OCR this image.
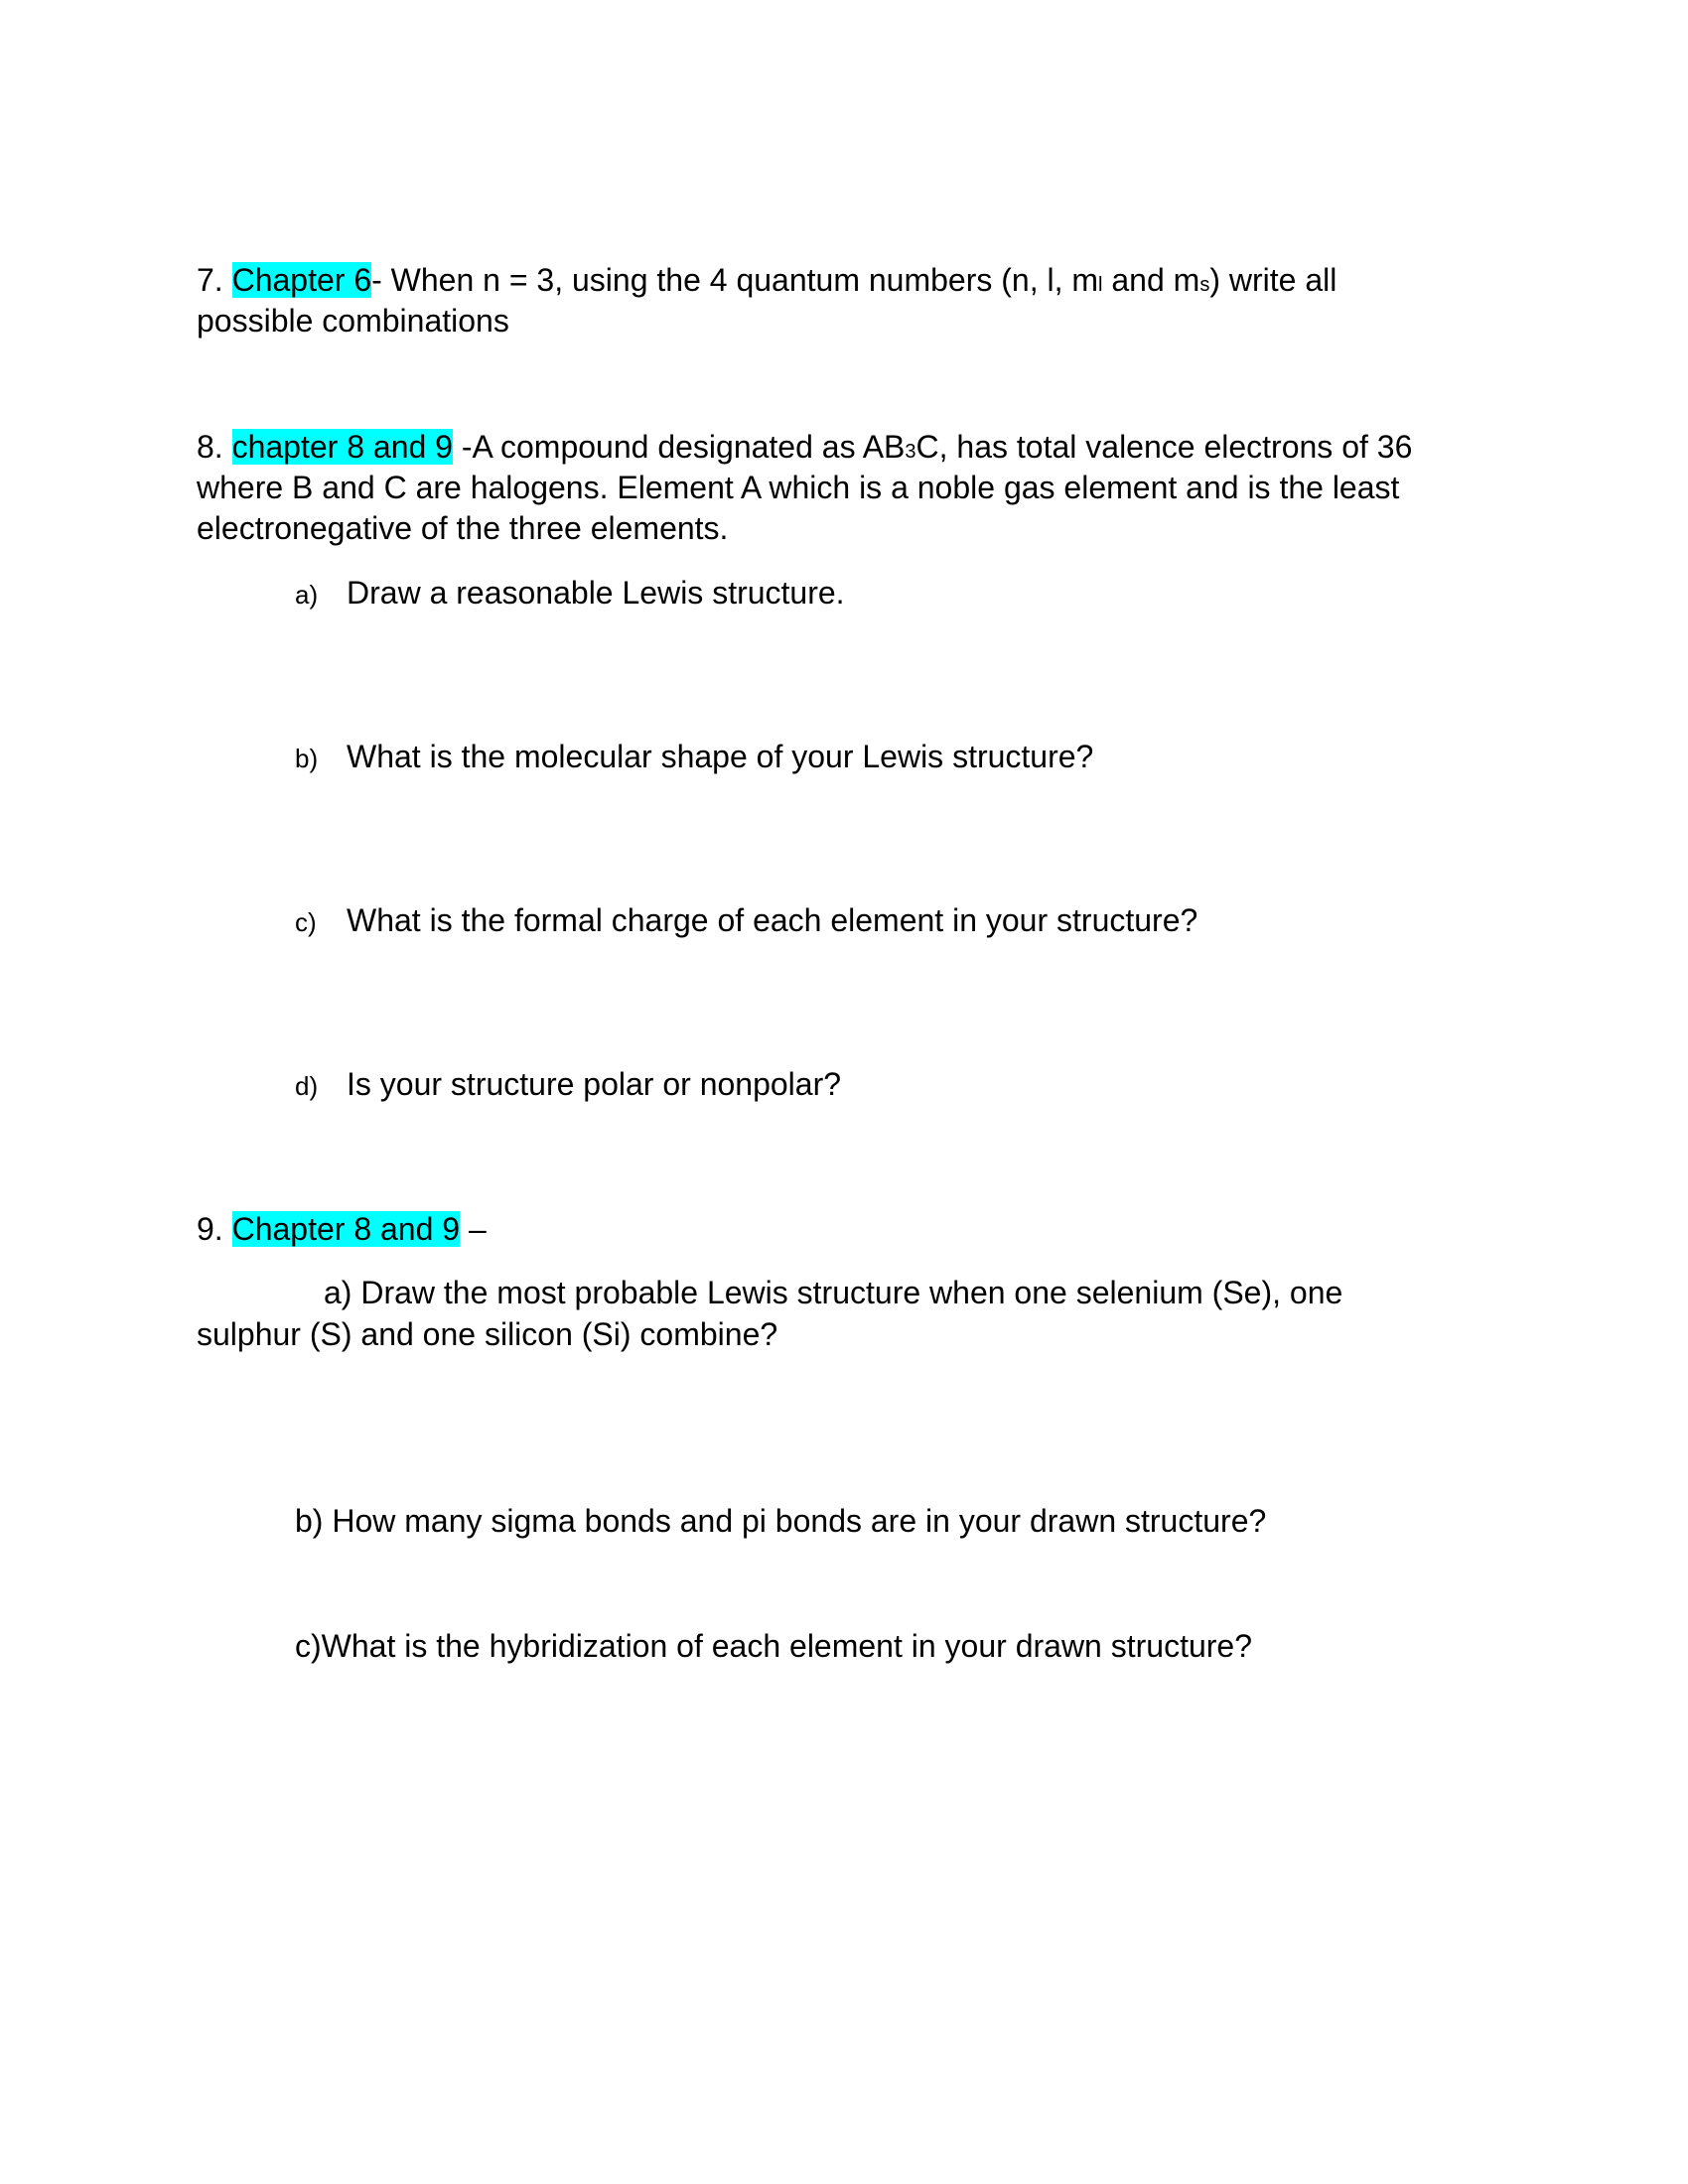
7. Chapter 6- When n = 3, using the 4 quantum numbers (n, l, ml and ms) write all

possible combinations

8. chapter 8 and 9 -A compound designated as AB3C, has total valence electrons of 36

where B and C are halogens. Element A which is a noble gas element and is the least

electronegative of the three elements.

a) Draw a reasonable Lewis structure.

b) What is the molecular shape of your Lewis structure?

c) What is the formal charge of each element in your structure?

d) Is your structure polar or nonpolar?

9. Chapter 8 and 9 –

a) Draw the most probable Lewis structure when one selenium (Se), one

sulphur (S) and one silicon (Si) combine?

b) How many sigma bonds and pi bonds are in your drawn structure?

c)What is the hybridization of each element in your drawn structure?
